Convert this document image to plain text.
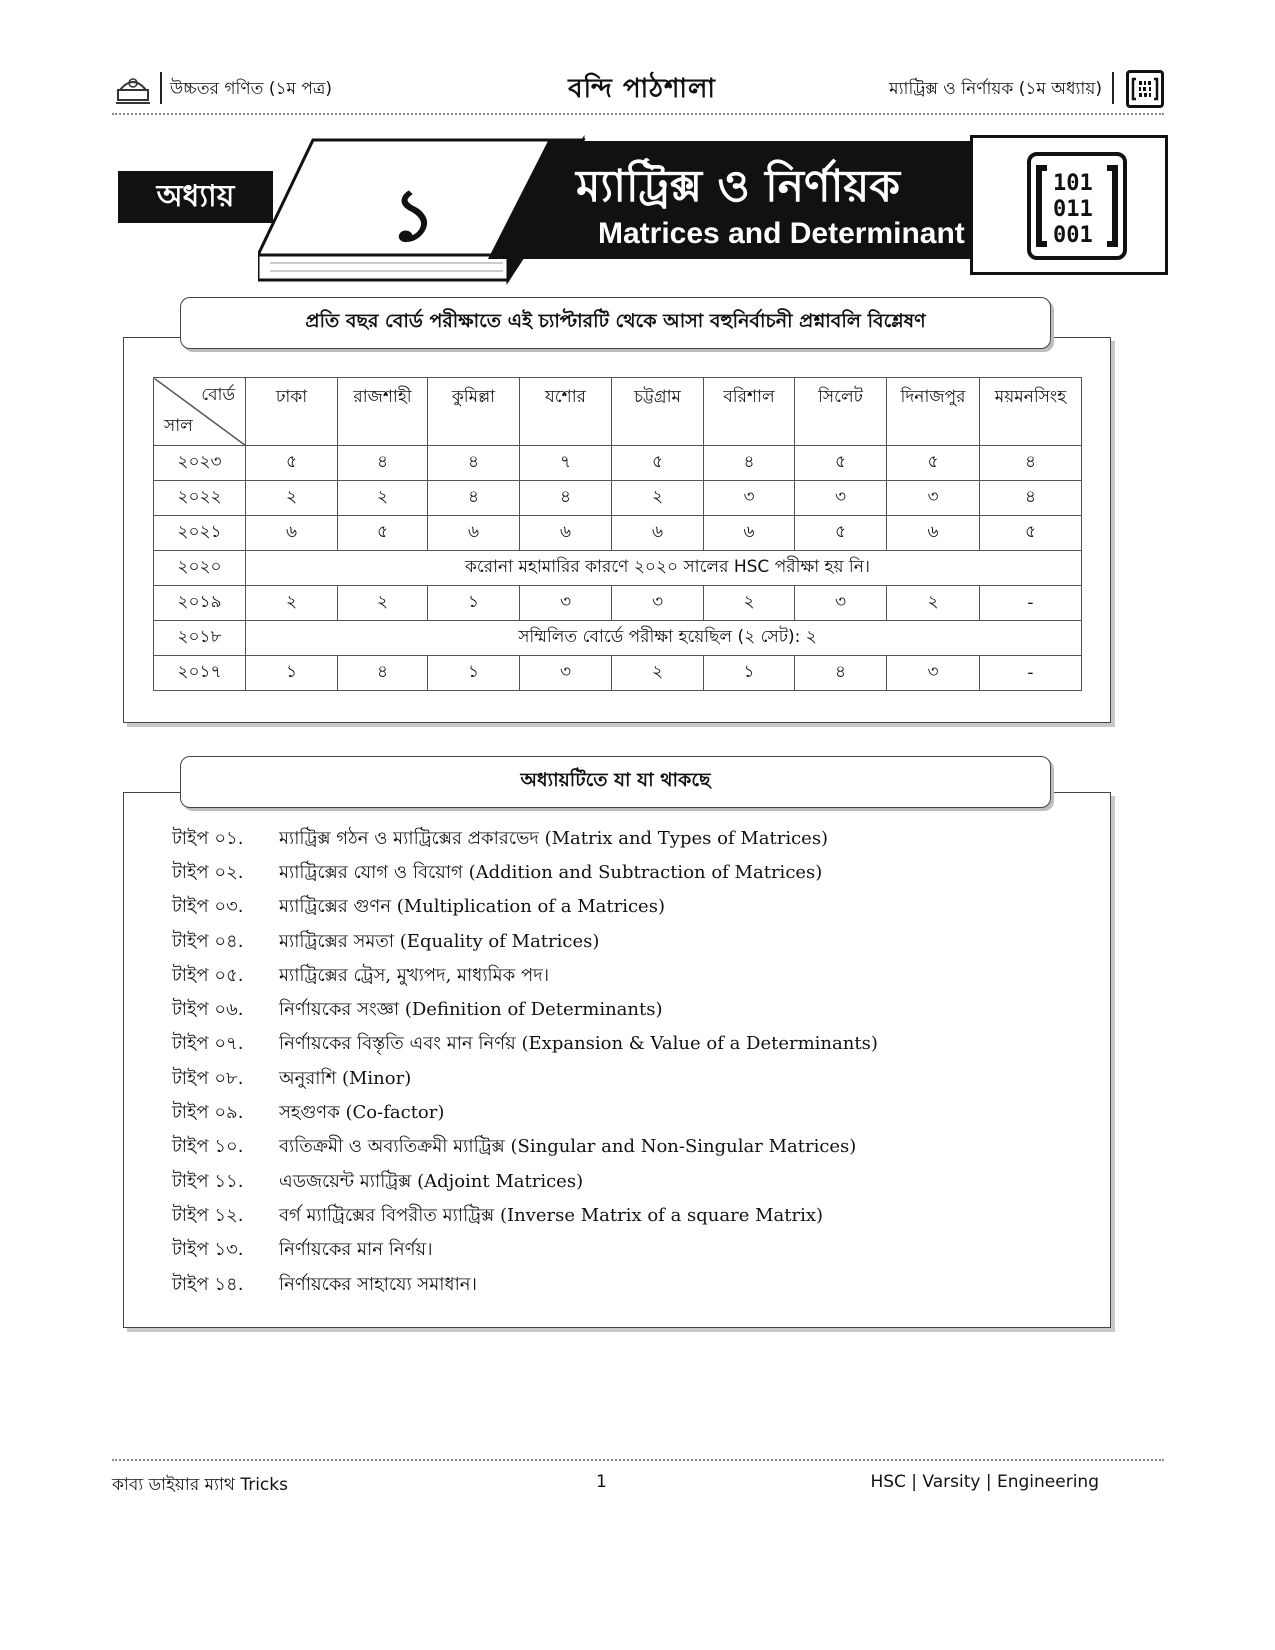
উচ্চতর গণিত (১ম পত্র)	বন্দি পাঠশালা	ম্যাট্রিক্স ও নির্ণায়ক (১ম অধ্যায়)
অধ্যায়	১	ম্যাট্রিক্স ও নির্ণায়ক
Matrices and Determinant
101
011
001
প্রতি বছর বোর্ড পরীক্ষাতে এই চ্যাপ্টারটি থেকে আসা বহুনির্বাচনী প্রশ্নাবলি বিশ্লেষণ
বোর্ড
সাল	ঢাকা	রাজশাহী	কুমিল্লা	যশোর	চট্টগ্রাম	বরিশাল	সিলেট	দিনাজপুর	ময়মনসিংহ
২০২৩	৫	৪	৪	৭	৫	৪	৫	৫	৪
২০২২	২	২	৪	৪	২	৩	৩	৩	৪
২০২১	৬	৫	৬	৬	৬	৬	৫	৬	৫
২০২০	করোনা মহামারির কারণে ২০২০ সালের HSC পরীক্ষা হয় নি।								
২০১৯	২	২	১	৩	৩	২	৩	২	-
২০১৮	সম্মিলিত বোর্ডে পরীক্ষা হয়েছিল (২ সেট): ২								
২০১৭	১	৪	১	৩	২	১	৪	৩	-
অধ্যায়টিতে যা যা থাকছে
টাইপ ০১.	ম্যাট্রিক্স গঠন ও ম্যাট্রিক্সের প্রকারভেদ (Matrix and Types of Matrices)
টাইপ ০২.	ম্যাট্রিক্সের যোগ ও বিয়োগ (Addition and Subtraction of Matrices)
টাইপ ০৩.	ম্যাট্রিক্সের গুণন (Multiplication of a Matrices)
টাইপ ০৪.	ম্যাট্রিক্সের সমতা (Equality of Matrices)
টাইপ ০৫.	ম্যাট্রিক্সের ট্রেস, মুখ্যপদ, মাধ্যমিক পদ।
টাইপ ০৬.	নির্ণায়কের সংজ্ঞা (Definition of Determinants)
টাইপ ০৭.	নির্ণায়কের বিস্তৃতি এবং মান নির্ণয় (Expansion & Value of a Determinants)
টাইপ ০৮.	অনুরাশি (Minor)
টাইপ ০৯.	সহগুণক (Co-factor)
টাইপ ১০.	ব্যতিক্রমী ও অব্যতিক্রমী ম্যাট্রিক্স (Singular and Non-Singular Matrices)
টাইপ ১১.	এডজয়েন্ট ম্যাট্রিক্স (Adjoint Matrices)
টাইপ ১২.	বর্গ ম্যাট্রিক্সের বিপরীত ম্যাট্রিক্স (Inverse Matrix of a square Matrix)
টাইপ ১৩.	নির্ণায়কের মান নির্ণয়।
টাইপ ১৪.	নির্ণায়কের সাহায্যে সমাধান।
কাব্য ডাইয়ার ম্যাথ Tricks	1	HSC | Varsity | Engineering
